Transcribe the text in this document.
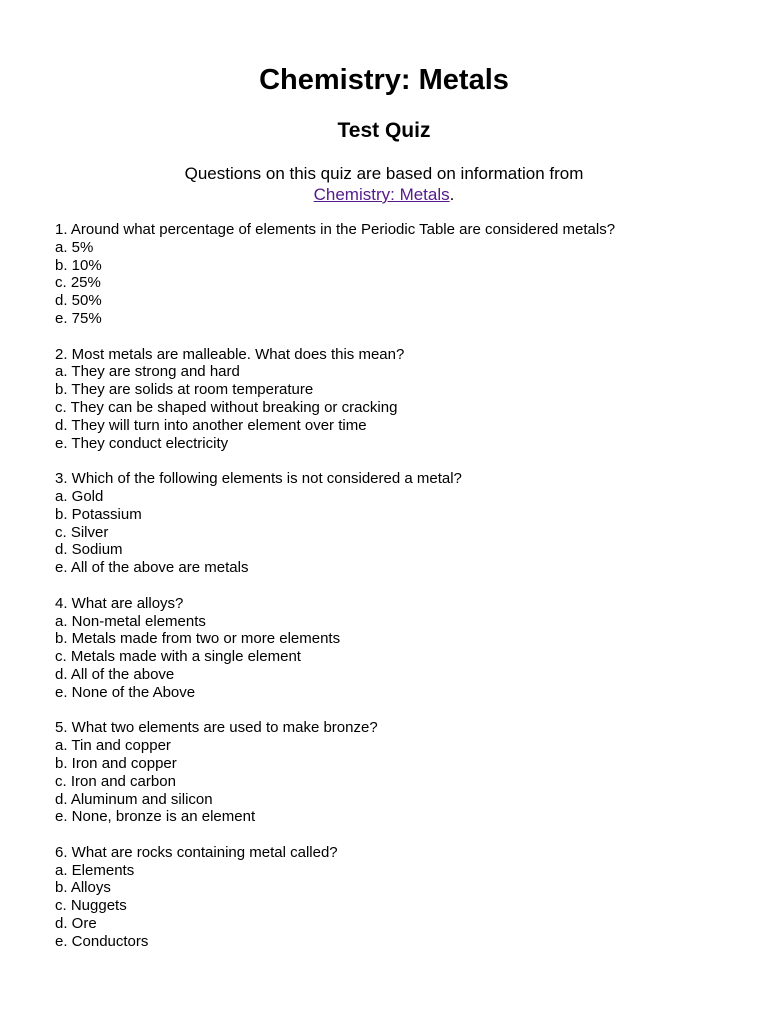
Chemistry: Metals
Test Quiz
Questions on this quiz are based on information from
Chemistry: Metals.
1. Around what percentage of elements in the Periodic Table are considered metals?
a. 5%
b. 10%
c. 25%
d. 50%
e. 75%
2. Most metals are malleable. What does this mean?
a. They are strong and hard
b. They are solids at room temperature
c. They can be shaped without breaking or cracking
d. They will turn into another element over time
e. They conduct electricity
3. Which of the following elements is not considered a metal?
a. Gold
b. Potassium
c. Silver
d. Sodium
e. All of the above are metals
4. What are alloys?
a. Non-metal elements
b. Metals made from two or more elements
c. Metals made with a single element
d. All of the above
e. None of the Above
5. What two elements are used to make bronze?
a. Tin and copper
b. Iron and copper
c. Iron and carbon
d. Aluminum and silicon
e. None, bronze is an element
6. What are rocks containing metal called?
a. Elements
b. Alloys
c. Nuggets
d. Ore
e. Conductors
